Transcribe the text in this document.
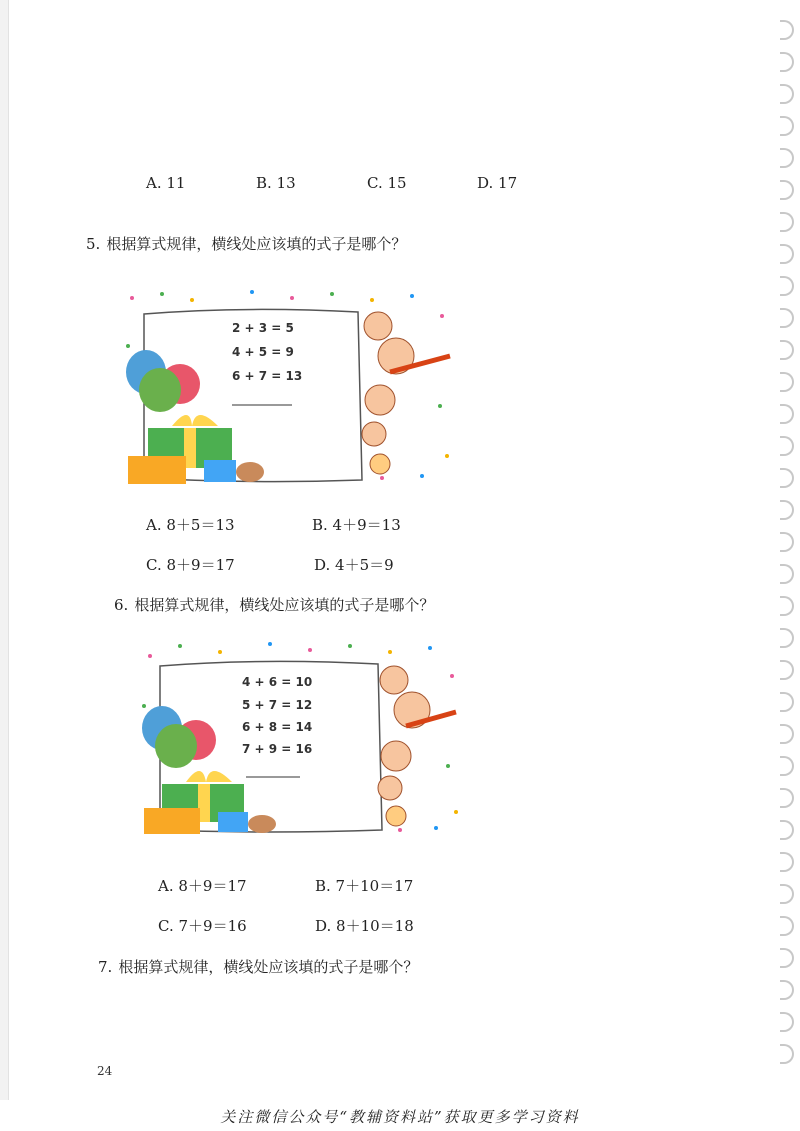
A. 11	B. 13	C. 15	D. 17
5. 根据算式规律，横线处应该填的式子是哪个？
2 + 3 = 5
4 + 5 = 9
6 + 7 = 13
A. 8＋5＝13	B. 4＋9＝13
C. 8＋9＝17	D. 4＋5＝9
6. 根据算式规律，横线处应该填的式子是哪个？
4 + 6 = 10
5 + 7 = 12
6 + 8 = 14
7 + 9 = 16
A. 8＋9＝17	B. 7＋10＝17
C. 7＋9＝16	D. 8＋10＝18
7. 根据算式规律，横线处应该填的式子是哪个？
24
关注微信公众号“教辅资料站”获取更多学习资料
